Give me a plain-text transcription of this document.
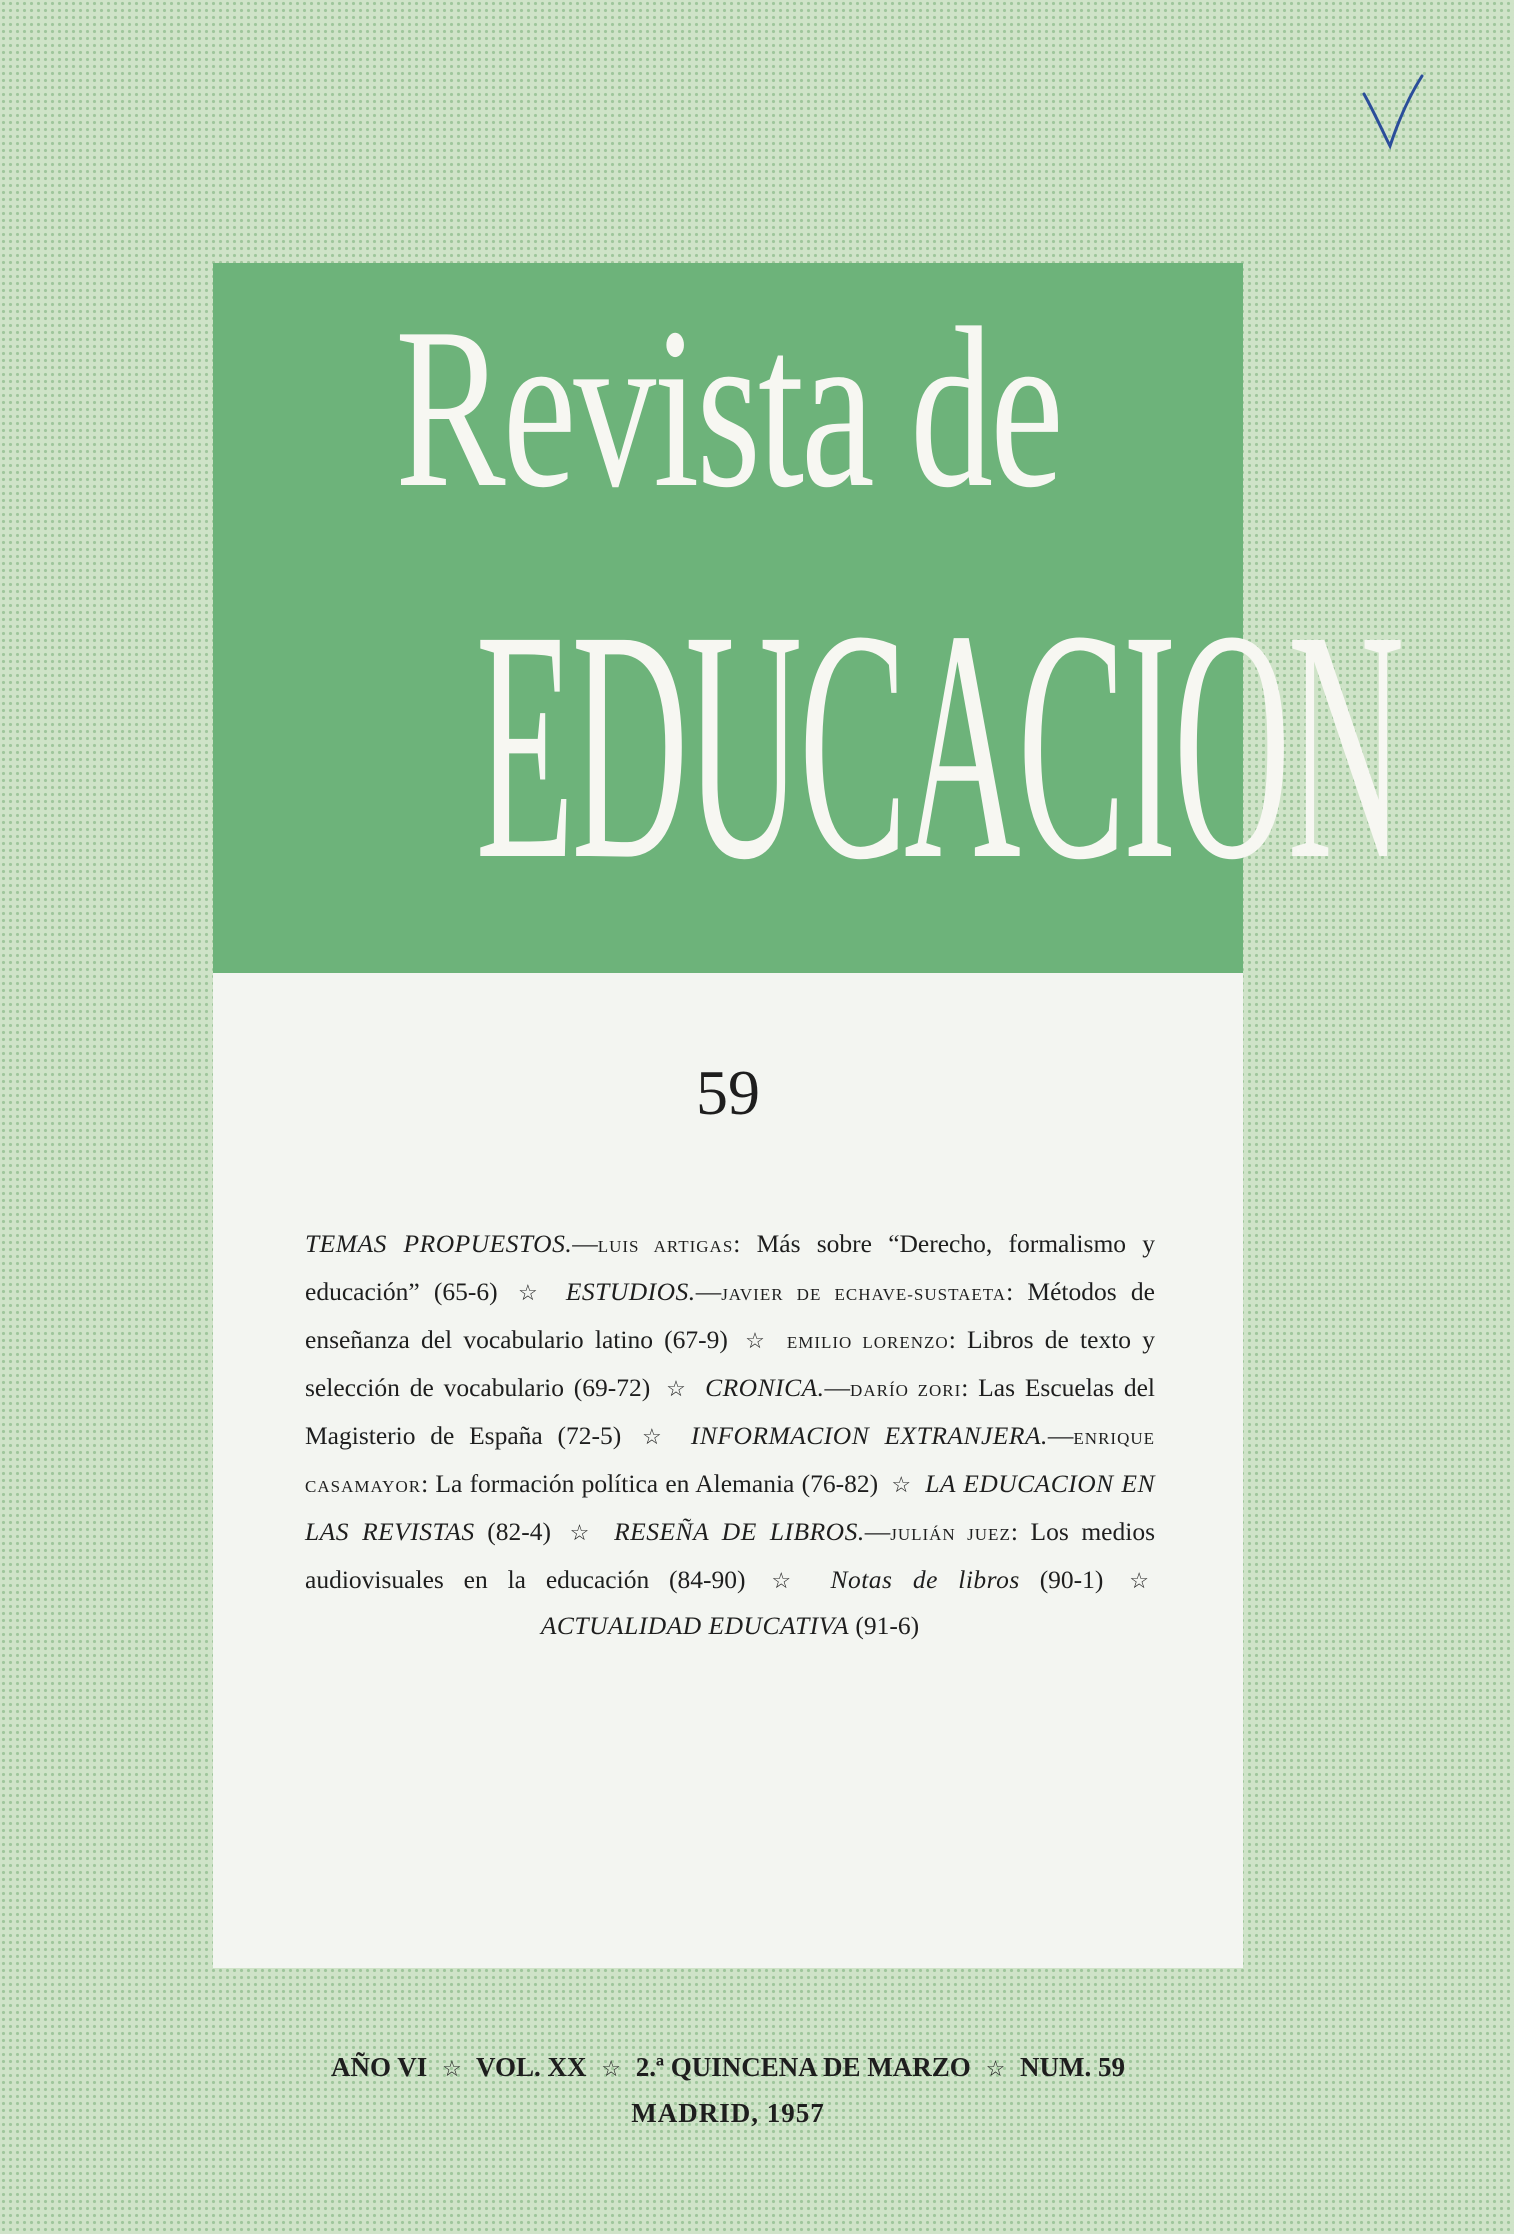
Revista de
EDUCACION
59
TEMAS PROPUESTOS.—LUIS ARTIGAS: Más sobre “Derecho, formalismo y educación” (65-6) ☆ ESTUDIOS.—JAVIER DE ECHAVE-SUSTAETA: Métodos de enseñanza del vocabulario latino (67-9) ☆ EMILIO LORENZO: Libros de texto y selección de vocabulario (69-72) ☆ CRONICA.—DARÍO ZORI: Las Escuelas del Magisterio de España (72-5) ☆ INFORMACION EXTRANJERA.—ENRIQUE CASAMAYOR: La formación política en Alemania (76-82) ☆ LA EDUCACION EN LAS REVISTAS (82-4) ☆ RESEÑA DE LIBROS.—JULIÁN JUEZ: Los medios audiovisuales en la educación (84-90) ☆ Notas de libros (90-1) ☆ ACTUALIDAD EDUCATIVA (91-6)
AÑO VI ☆ VOL. XX ☆ 2.ª QUINCENA DE MARZO ☆ NUM. 59
MADRID, 1957
